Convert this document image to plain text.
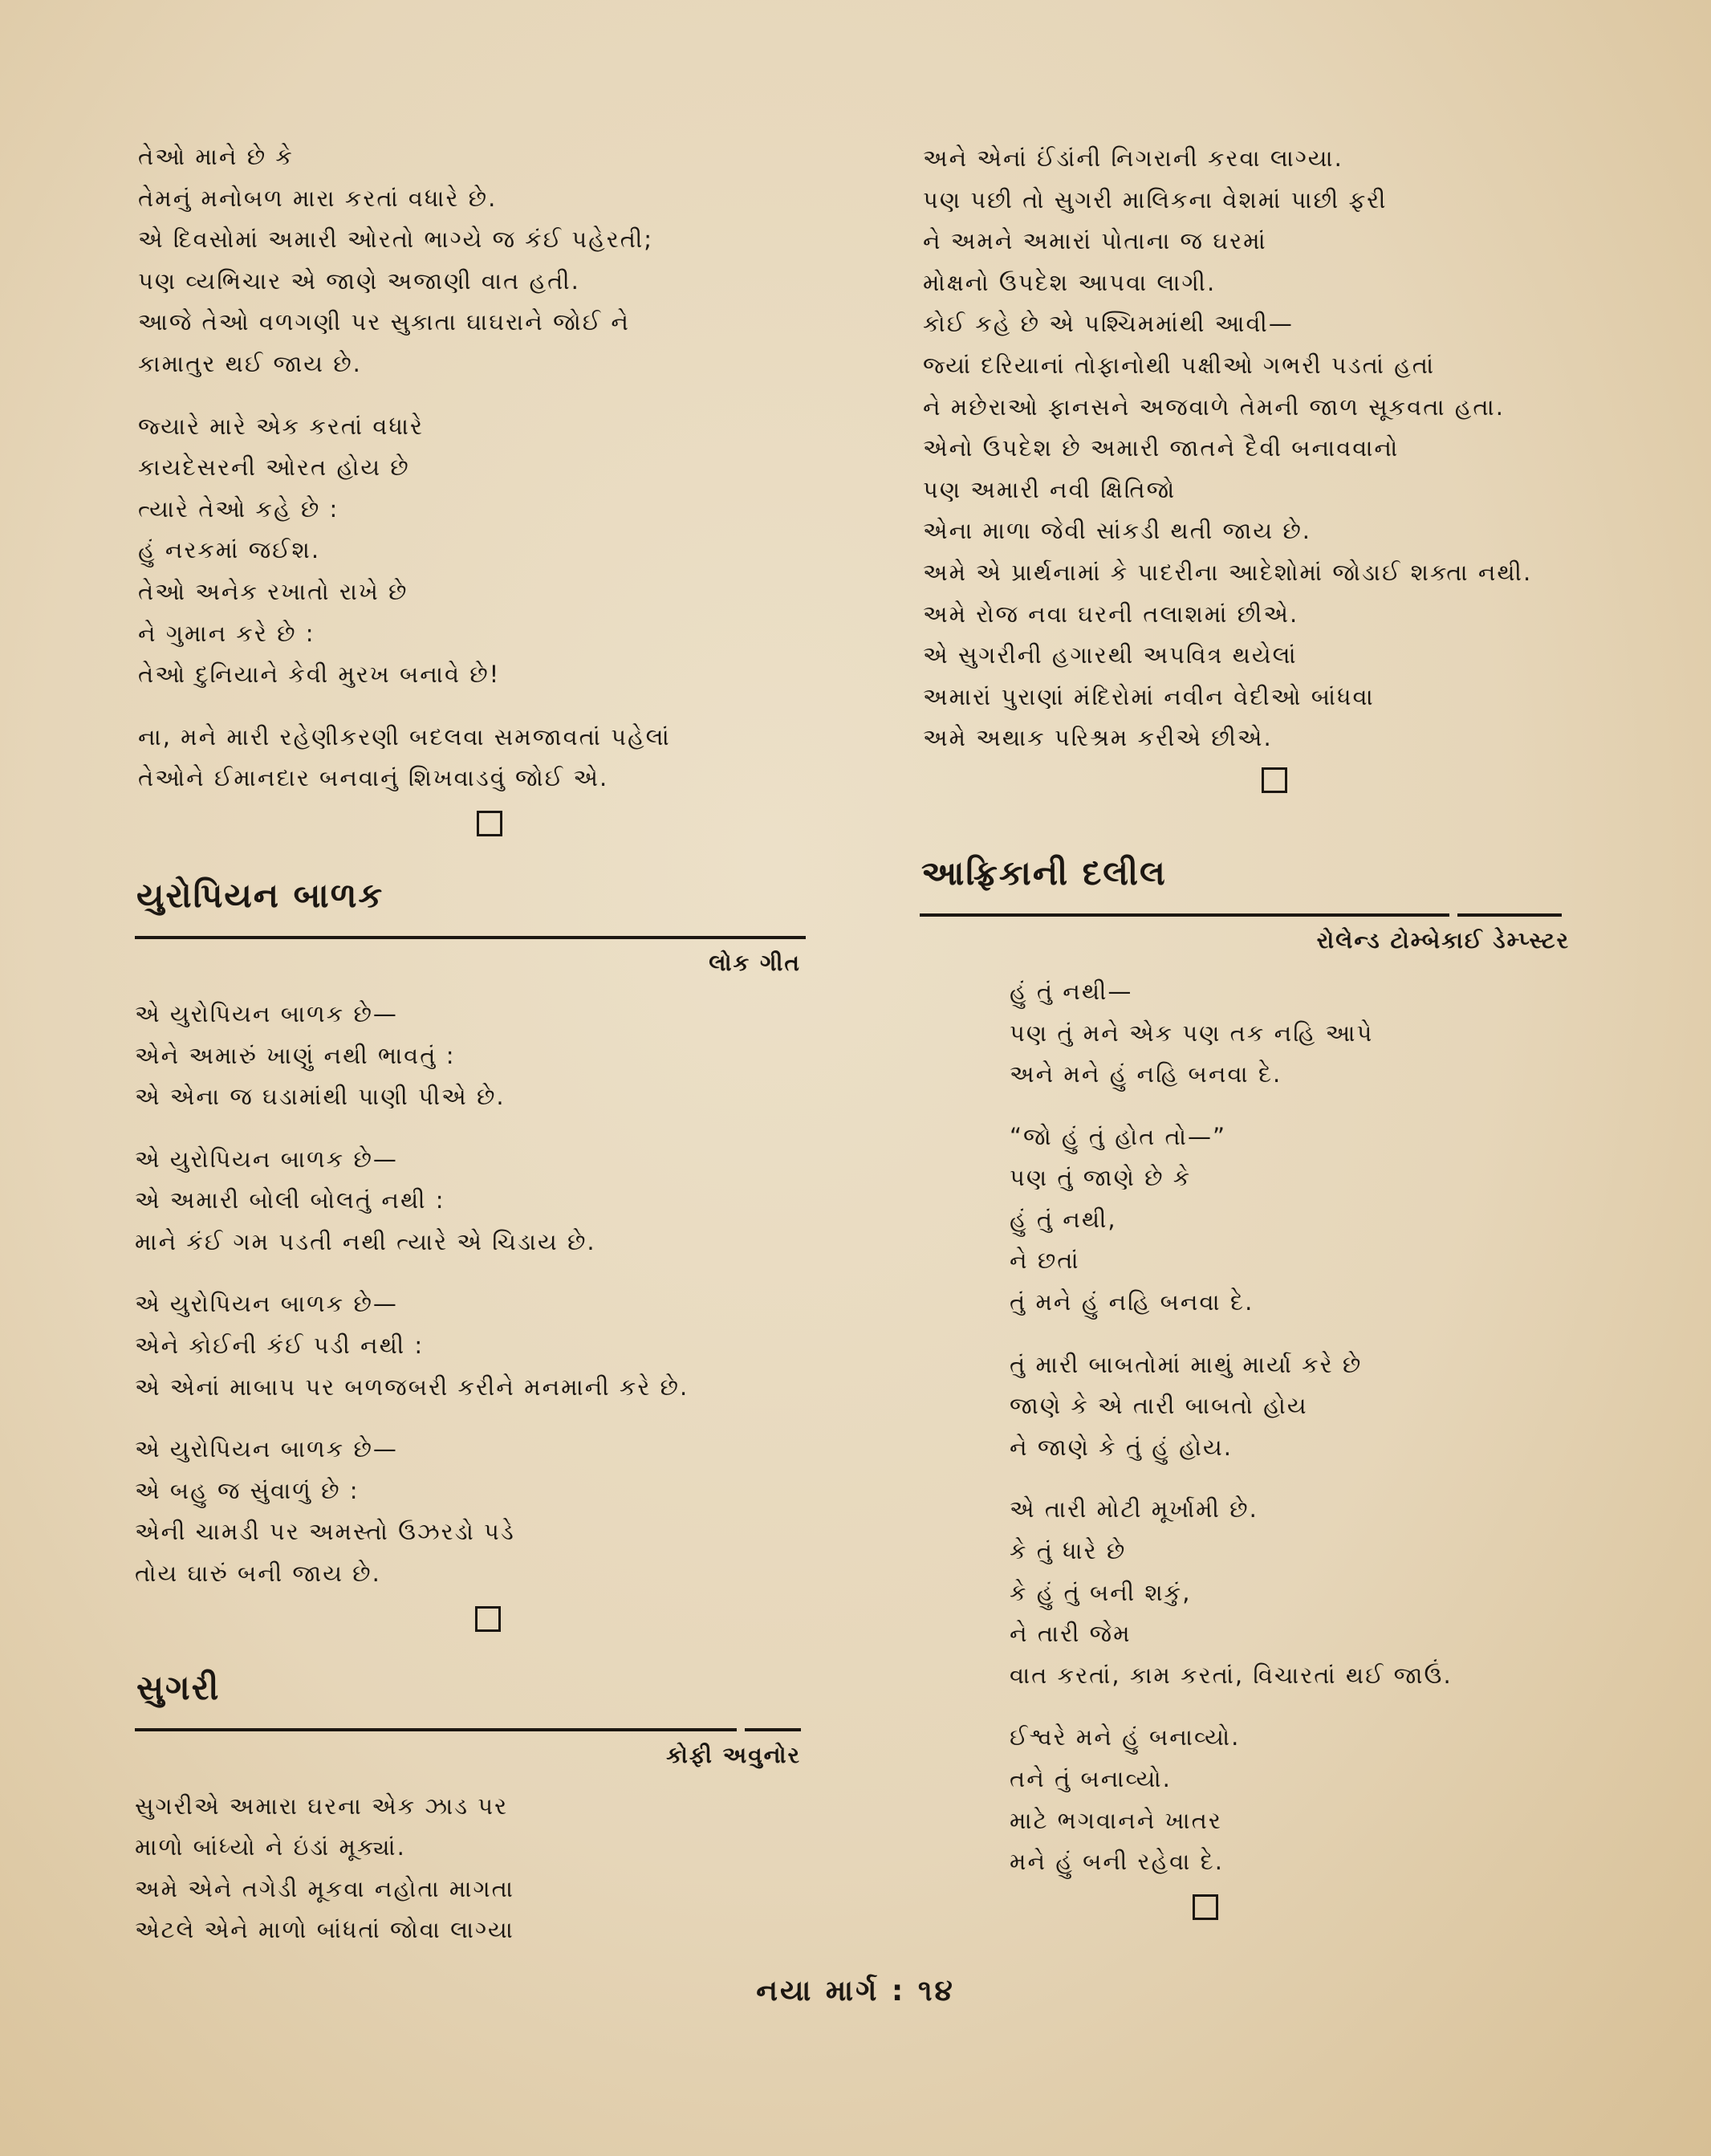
તેઓ માને છે કે
તેમનું મનોબળ મારા કરતાં વધારે છે.
એ દિવસોમાં અમારી ઓરતો ભાગ્યે જ કંઈ પહેરતી;
પણ વ્યભિચાર એ જાણે અજાણી વાત હતી.
આજે તેઓ વળગણી પર સુકાતા ઘાઘરાને જોઈ ને
કામાતુર થઈ જાય છે.
જ્યારે મારે એક કરતાં વધારે
કાયદેસરની ઓરત હોય છે
ત્યારે તેઓ કહે છે :
હું નરકમાં જઈશ.
તેઓ અનેક રખાતો રાખે છે
ને ગુમાન કરે છે :
તેઓ દુનિયાને કેવી મુરખ બનાવે છે!
ના, મને મારી રહેણીકરણી બદલવા સમજાવતાં પહેલાં
તેઓને ઈમાનદાર બનવાનું શિખવાડવું જોઈ એ.
યુરોપિયન બાળક
લોક ગીત
એ યુરોપિયન બાળક છે—
એને અમારું ખાણું નથી ભાવતું :
એ એના જ ઘડામાંથી પાણી પીએ છે.
એ યુરોપિયન બાળક છે—
એ અમારી બોલી બોલતું નથી :
માને કંઈ ગમ પડતી નથી ત્યારે એ ચિડાય છે.
એ યુરોપિયન બાળક છે—
એને કોઈની કંઈ પડી નથી :
એ એનાં માબાપ પર બળજબરી કરીને મનમાની કરે છે.
એ યુરોપિયન બાળક છે—
એ બહુ જ સુંવાળું છે :
એની ચામડી પર અમસ્તો ઉઝરડો પડે
તોય ઘારું બની જાય છે.
સુગરી
કોફી અવુનોર
સુગરીએ અમારા ઘરના એક ઝાડ પર
માળો બાંધ્યો ને ઇંડાં મૂક્યાં.
અમે એને તગેડી મૂકવા નહોતા માગતા
એટલે એને માળો બાંધતાં જોવા લાગ્યા
અને એનાં ઈંડાંની નિગરાની કરવા લાગ્યા.
પણ પછી તો સુગરી માલિકના વેશમાં પાછી ફરી
ને અમને અમારાં પોતાના જ ઘરમાં
મોક્ષનો ઉપદેશ આપવા લાગી.
કોઈ કહે છે એ પશ્ચિમમાંથી આવી—
જ્યાં દરિયાનાં તોફાનોથી પક્ષીઓ ગભરી પડતાં હતાં
ને મછેરાઓ ફાનસને અજવાળે તેમની જાળ સૂકવતા હતા.
એનો ઉપદેશ છે અમારી જાતને દૈવી બનાવવાનો
પણ અમારી નવી ક્ષિતિજો
એના માળા જેવી સાંકડી થતી જાય છે.
અમે એ પ્રાર્થનામાં કે પાદરીના આદેશોમાં જોડાઈ શક્તા નથી.
અમે રોજ નવા ઘરની તલાશમાં છીએ.
એ સુગરીની હગારથી અપવિત્ર થયેલાં
અમારાં પુરાણાં મંદિરોમાં નવીન વેદીઓ બાંધવા
અમે અથાક પરિશ્રમ કરીએ છીએ.
આફ્રિકાની દલીલ
રોલેન્ડ ટોમ્બેકાઈ ડેમ્પ્સ્ટર
હું તું નથી—
પણ તું મને એક પણ તક નહિ આપે
અને મને હું નહિ બનવા દે.
“જો હું તું હોત તો—”
પણ તું જાણે છે કે
હું તું નથી,
ને છતાં
તું મને હું નહિ બનવા દે.
તું મારી બાબતોમાં માથું માર્યા કરે છે
જાણે કે એ તારી બાબતો હોય
ને જાણે કે તું હું હોય.
એ તારી મોટી મૂર્ખામી છે.
કે તું ધારે છે
કે હું તું બની શકું,
ને તારી જેમ
વાત કરતાં, કામ કરતાં, વિચારતાં થઈ જાઉં.
ઈશ્વરે મને હું બનાવ્યો.
તને તું બનાવ્યો.
માટે ભગવાનને ખાતર
મને હું બની રહેવા દે.
નયા માર્ગ : ૧૪
